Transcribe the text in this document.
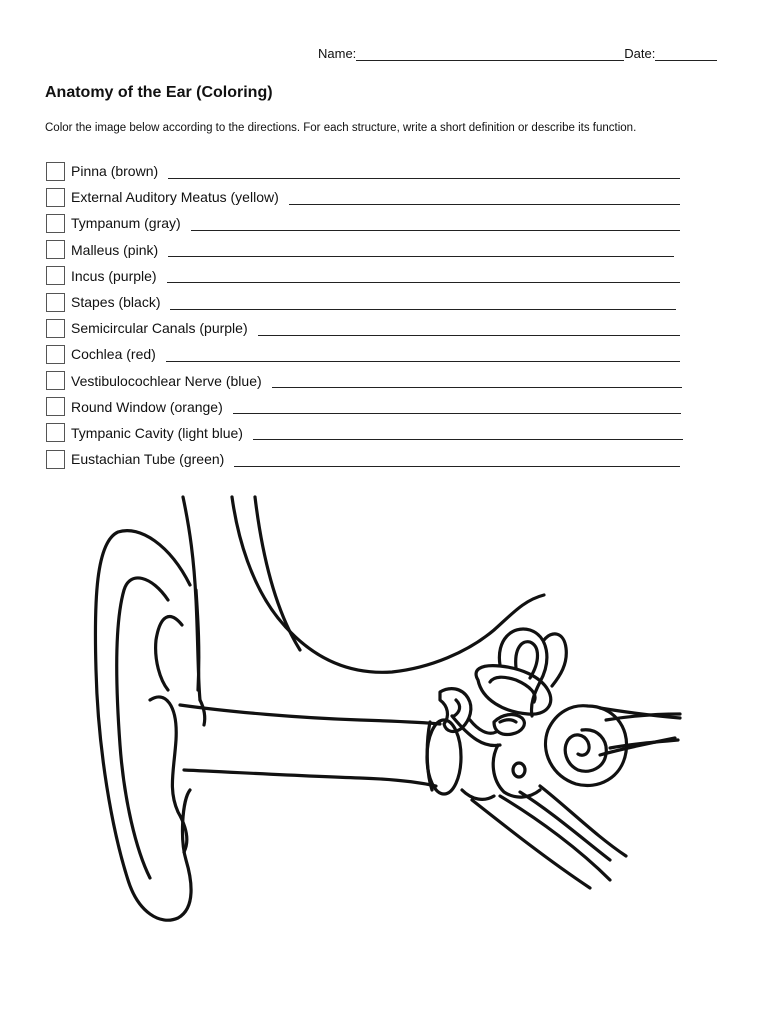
Name:	Date:
Anatomy of the Ear (Coloring)
Color the image below according to the directions. For each structure, write a short definition or describe its function.
Pinna (brown)
External Auditory Meatus (yellow)
Tympanum (gray)
Malleus (pink)
Incus (purple)
Stapes (black)
Semicircular Canals (purple)
Cochlea (red)
Vestibulocochlear Nerve (blue)
Round Window (orange)
Tympanic Cavity (light blue)
Eustachian Tube (green)
